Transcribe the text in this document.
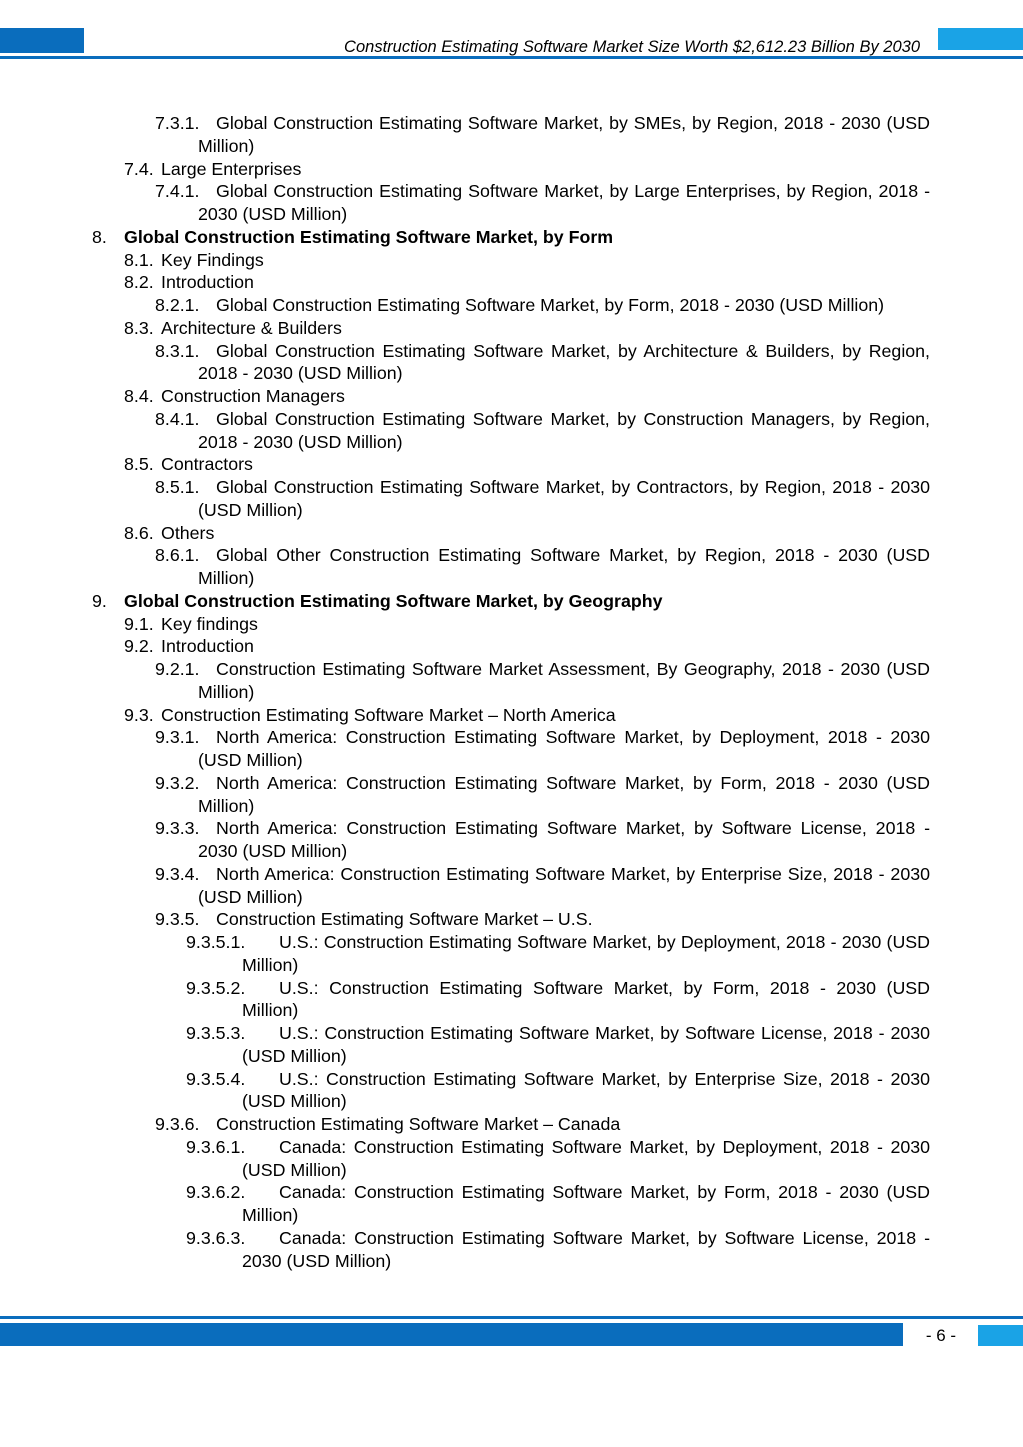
Construction Estimating Software Market Size Worth $2,612.23 Billion By 2030
7.3.1. Global Construction Estimating Software Market, by SMEs, by Region, 2018 - 2030 (USD Million)
7.4. Large Enterprises
7.4.1. Global Construction Estimating Software Market, by Large Enterprises, by Region, 2018 - 2030 (USD Million)
8. Global Construction Estimating Software Market, by Form
8.1. Key Findings
8.2. Introduction
8.2.1. Global Construction Estimating Software Market, by Form, 2018 - 2030 (USD Million)
8.3. Architecture & Builders
8.3.1. Global Construction Estimating Software Market, by Architecture & Builders, by Region, 2018 - 2030 (USD Million)
8.4. Construction Managers
8.4.1. Global Construction Estimating Software Market, by Construction Managers, by Region, 2018 - 2030 (USD Million)
8.5. Contractors
8.5.1. Global Construction Estimating Software Market, by Contractors, by Region, 2018 - 2030 (USD Million)
8.6. Others
8.6.1. Global Other Construction Estimating Software Market, by Region, 2018 - 2030 (USD Million)
9. Global Construction Estimating Software Market, by Geography
9.1. Key findings
9.2. Introduction
9.2.1. Construction Estimating Software Market Assessment, By Geography, 2018 - 2030 (USD Million)
9.3. Construction Estimating Software Market – North America
9.3.1. North America: Construction Estimating Software Market, by Deployment, 2018 - 2030 (USD Million)
9.3.2. North America: Construction Estimating Software Market, by Form, 2018 - 2030 (USD Million)
9.3.3. North America: Construction Estimating Software Market, by Software License, 2018 - 2030 (USD Million)
9.3.4. North America: Construction Estimating Software Market, by Enterprise Size, 2018 - 2030 (USD Million)
9.3.5. Construction Estimating Software Market – U.S.
9.3.5.1.	U.S.: Construction Estimating Software Market, by Deployment, 2018 - 2030 (USD Million)
9.3.5.2.	U.S.: Construction Estimating Software Market, by Form, 2018 - 2030 (USD Million)
9.3.5.3.	U.S.: Construction Estimating Software Market, by Software License, 2018 - 2030 (USD Million)
9.3.5.4.	U.S.: Construction Estimating Software Market, by Enterprise Size, 2018 - 2030 (USD Million)
9.3.6. Construction Estimating Software Market – Canada
9.3.6.1.	Canada: Construction Estimating Software Market, by Deployment, 2018 - 2030 (USD Million)
9.3.6.2.	Canada: Construction Estimating Software Market, by Form, 2018 - 2030 (USD Million)
9.3.6.3.	Canada: Construction Estimating Software Market, by Software License, 2018 - 2030 (USD Million)
- 6 -
